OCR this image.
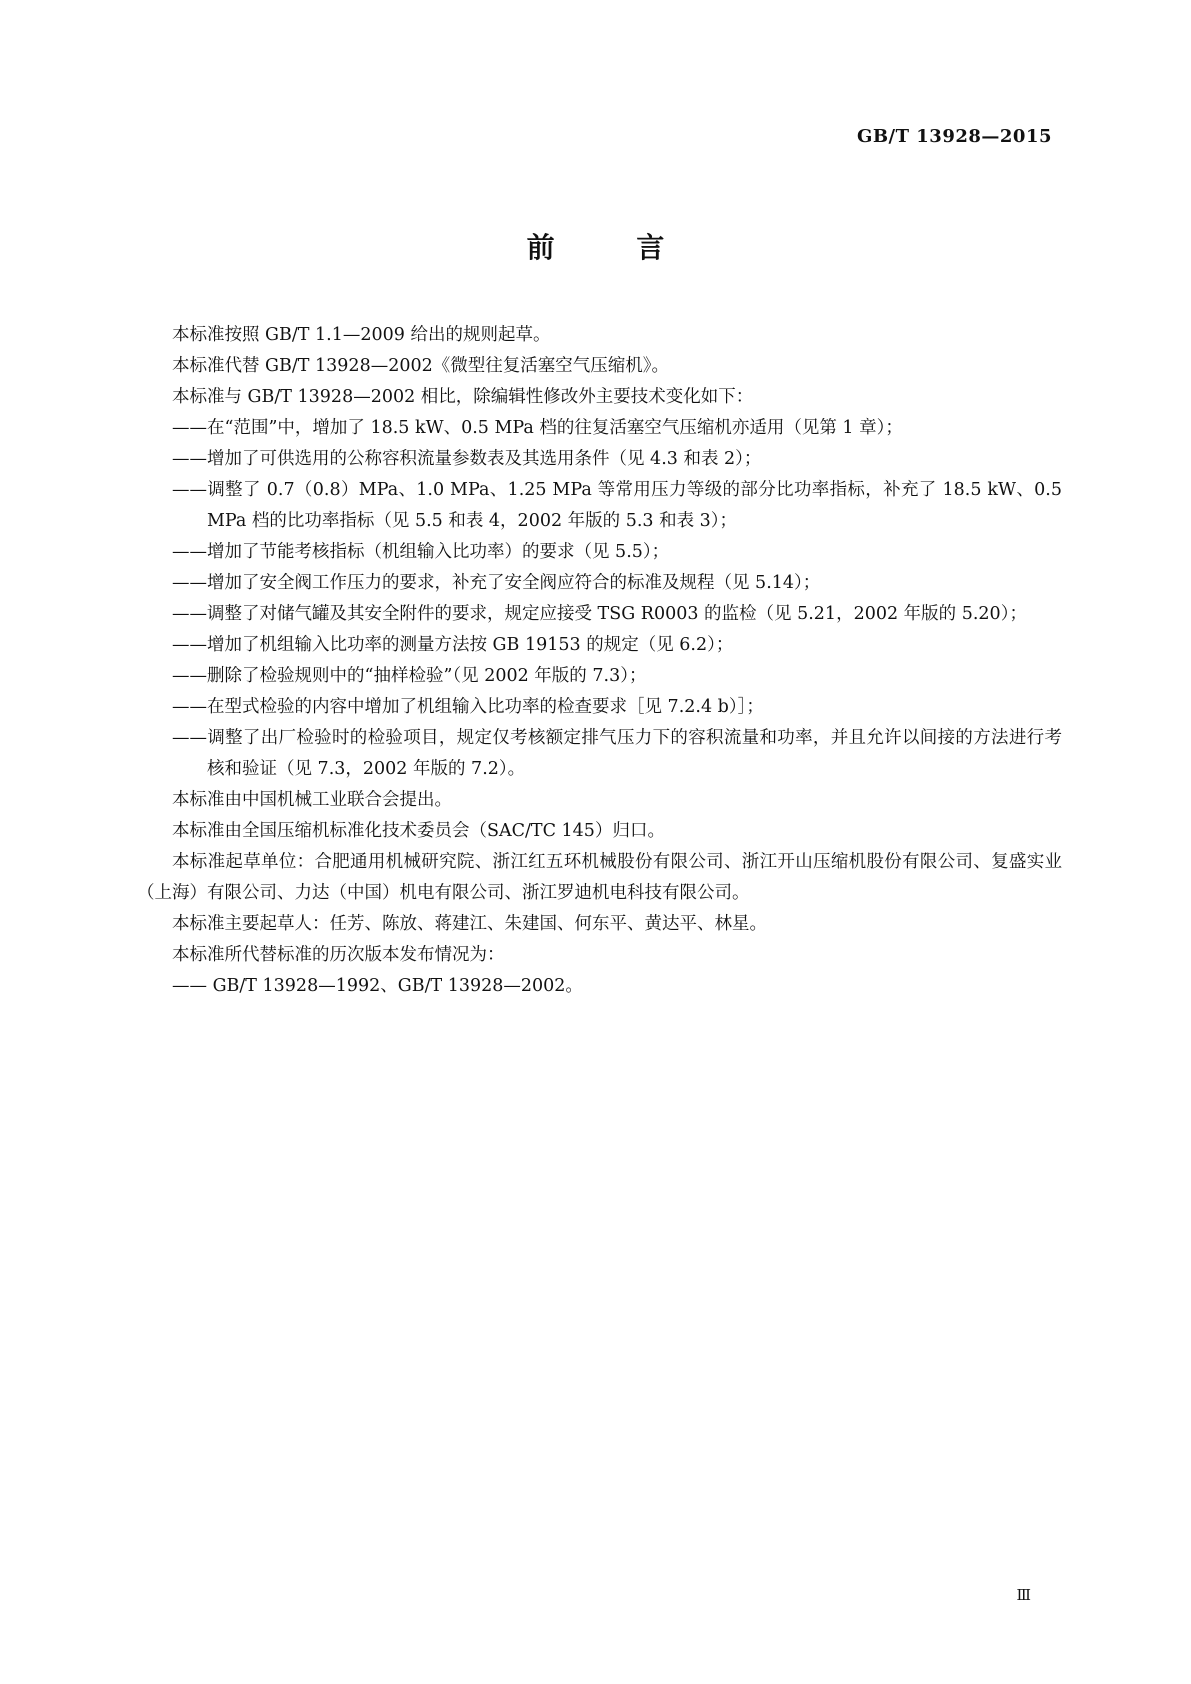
GB/T 13928—2015
前 言

本标准按照 GB/T 1.1—2009 给出的规则起草。

本标准代替 GB/T 13928—2002《微型往复活塞空气压缩机》。

本标准与 GB/T 13928—2002 相比，除编辑性修改外主要技术变化如下：

——在“范围”中，增加了 18.5 kW、0.5 MPa 档的往复活塞空气压缩机亦适用（见第 1 章）；

——增加了可供选用的公称容积流量参数表及其选用条件（见 4.3 和表 2）；

——调整了 0.7（0.8）MPa、1.0 MPa、1.25 MPa 等常用压力等级的部分比功率指标，补充了 18.5 kW、0.5 MPa 档的比功率指标（见 5.5 和表 4，2002 年版的 5.3 和表 3）；

——增加了节能考核指标（机组输入比功率）的要求（见 5.5）；

——增加了安全阀工作压力的要求，补充了安全阀应符合的标准及规程（见 5.14）；

——调整了对储气罐及其安全附件的要求，规定应接受 TSG R0003 的监检（见 5.21，2002 年版的 5.20）；

——增加了机组输入比功率的测量方法按 GB 19153 的规定（见 6.2）；

——删除了检验规则中的“抽样检验”（见 2002 年版的 7.3）；

——在型式检验的内容中增加了机组输入比功率的检查要求［见 7.2.4 b）］；

——调整了出厂检验时的检验项目，规定仅考核额定排气压力下的容积流量和功率，并且允许以间接的方法进行考核和验证（见 7.3，2002 年版的 7.2）。

本标准由中国机械工业联合会提出。

本标准由全国压缩机标准化技术委员会（SAC/TC 145）归口。

本标准起草单位：合肥通用机械研究院、浙江红五环机械股份有限公司、浙江开山压缩机股份有限公司、复盛实业（上海）有限公司、力达（中国）机电有限公司、浙江罗迪机电科技有限公司。

本标准主要起草人：任芳、陈放、蒋建江、朱建国、何东平、黄达平、林星。

本标准所代替标准的历次版本发布情况为：

—— GB/T 13928—1992、GB/T 13928—2002。

Ⅲ
